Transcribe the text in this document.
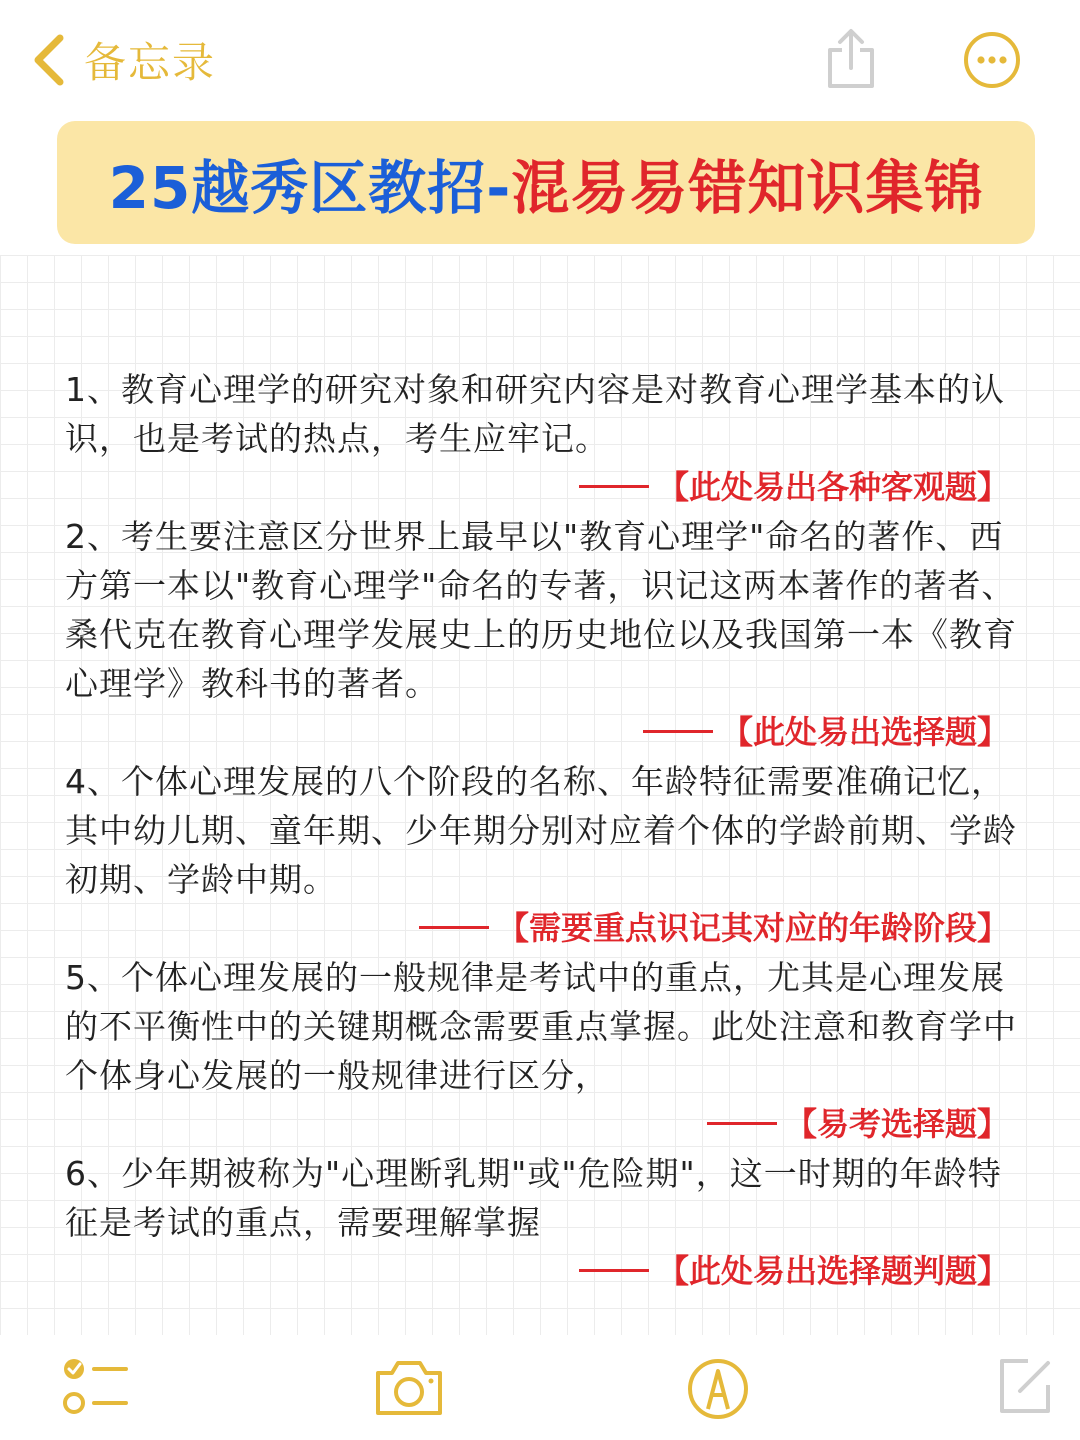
备忘录
25越秀区教招-混易易错知识集锦

1、教育心理学的研究对象和研究内容是对教育心理学基本的认识，也是考试的热点，考生应牢记。

【此处易出各种客观题】

2、考生要注意区分世界上最早以"教育心理学"命名的著作、西方第一本以"教育心理学"命名的专著，识记这两本著作的著者、桑代克在教育心理学发展史上的历史地位以及我国第一本《教育心理学》教科书的著者。

【此处易出选择题】

4、个体心理发展的八个阶段的名称、年龄特征需要准确记忆，其中幼儿期、童年期、少年期分别对应着个体的学龄前期、学龄初期、学龄中期。

【需要重点识记其对应的年龄阶段】

5、个体心理发展的一般规律是考试中的重点，尤其是心理发展的不平衡性中的关键期概念需要重点掌握。此处注意和教育学中个体身心发展的一般规律进行区分，

【易考选择题】

6、少年期被称为"心理断乳期"或"危险期"，这一时期的年龄特征是考试的重点，需要理解掌握

【此处易出选择题判题】
